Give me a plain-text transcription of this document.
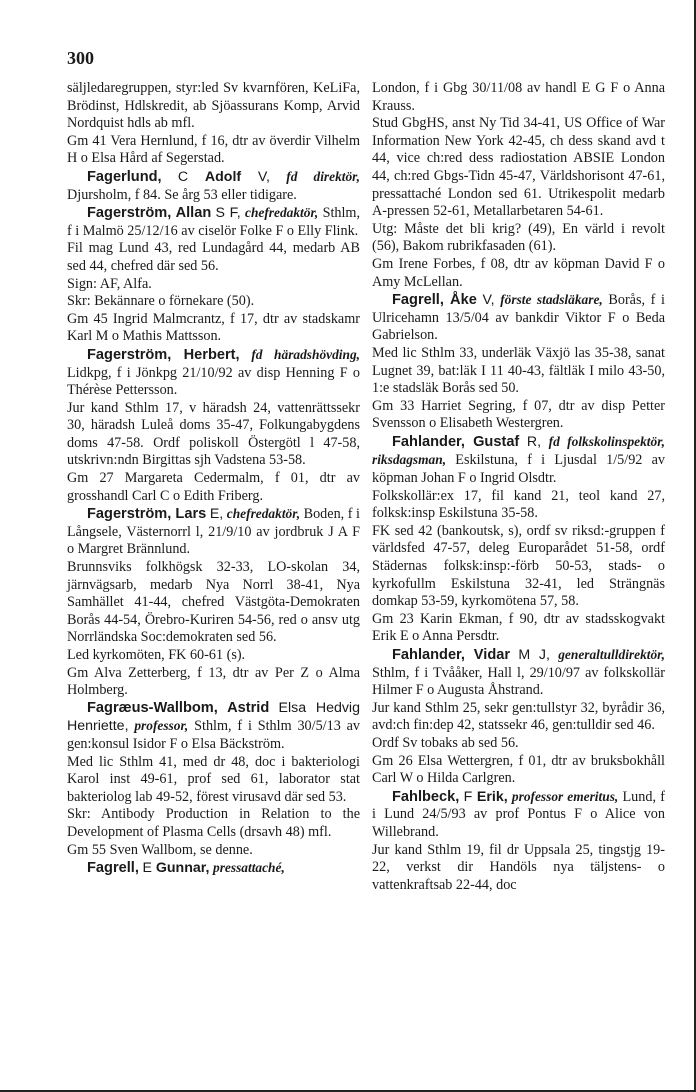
300

säljledaregruppen, styr:led Sv kvarnfören, KeLiFa, Brödinst, Hdlskredit, ab Sjöassurans Komp, Arvid Nordquist hdls ab mfl.

Gm 41 Vera Hernlund, f 16, dtr av överdir Vilhelm H o Elsa Hård af Segerstad.

Fagerlund, C Adolf V, fd direktör, Djursholm, f 84. Se årg 53 eller tidigare.

Fagerström, Allan S F, chefredaktör, Sthlm, f i Malmö 25/12/16 av ciselör Folke F o Elly Flink.

Fil mag Lund 43, red Lundagård 44, medarb AB sed 44, chefred där sed 56.

Sign: AF, Alfa.

Skr: Bekännare o förnekare (50).

Gm 45 Ingrid Malmcrantz, f 17, dtr av stadskamr Karl M o Mathis Mattsson.

Fagerström, Herbert, fd häradshövding, Lidkpg, f i Jönkpg 21/10/92 av disp Henning F o Thérèse Pettersson.

Jur kand Sthlm 17, v häradsh 24, vattenrättssekr 30, häradsh Luleå doms 35-47, Folkungabygdens doms 47-58. Ordf poliskoll Östergötl l 47-58, utskrivn:ndn Birgittas sjh Vadstena 53-58.

Gm 27 Margareta Cedermalm, f 01, dtr av grosshandl Carl C o Edith Friberg.

Fagerström, Lars E, chefredaktör, Boden, f i Långsele, Västernorrl l, 21/9/10 av jordbruk J A F o Margret Brännlund.

Brunnsviks folkhögsk 32-33, LO-skolan 34, järnvägsarb, medarb Nya Norrl 38-41, Nya Samhället 41-44, chefred Västgöta-Demokraten Borås 44-54, Örebro-Kuriren 54-56, red o ansv utg Norrländska Soc:demokraten sed 56.

Led kyrkomöten, FK 60-61 (s).

Gm Alva Zetterberg, f 13, dtr av Per Z o Alma Holmberg.

Fagræus-Wallbom, Astrid Elsa Hedvig Henriette, professor, Sthlm, f i Sthlm 30/5/13 av gen:konsul Isidor F o Elsa Bäckström.

Med lic Sthlm 41, med dr 48, doc i bakteriologi Karol inst 49-61, prof sed 61, laborator stat bakteriolog lab 49-52, förest virusavd där sed 53.

Skr: Antibody Production in Relation to the Development of Plasma Cells (drsavh 48) mfl.

Gm 55 Sven Wallbom, se denne.

Fagrell, E Gunnar, pressattaché,

London, f i Gbg 30/11/08 av handl E G F o Anna Krauss.

Stud GbgHS, anst Ny Tid 34-41, US Office of War Information New York 42-45, ch dess skand avd t 44, vice ch:red dess radiostation ABSIE London 44, ch:red Gbgs-Tidn 45-47, Världshorisont 47-61, pressattaché London sed 61. Utrikespolit medarb A-pressen 52-61, Metallarbetaren 54-61.

Utg: Måste det bli krig? (49), En värld i revolt (56), Bakom rubrikfasaden (61).

Gm Irene Forbes, f 08, dtr av köpman David F o Amy McLellan.

Fagrell, Åke V, förste stadsläkare, Borås, f i Ulricehamn 13/5/04 av bankdir Viktor F o Beda Gabrielson.

Med lic Sthlm 33, underläk Växjö las 35-38, sanat Lugnet 39, bat:läk I 11 40-43, fältläk I milo 43-50, 1:e stadsläk Borås sed 50.

Gm 33 Harriet Segring, f 07, dtr av disp Petter Svensson o Elisabeth Westergren.

Fahlander, Gustaf R, fd folkskolinspektör, riksdagsman, Eskilstuna, f i Ljusdal 1/5/92 av köpman Johan F o Ingrid Olsdtr.

Folkskollär:ex 17, fil kand 21, teol kand 27, folksk:insp Eskilstuna 35-58.

FK sed 42 (bankoutsk, s), ordf sv riksd:-gruppen f världsfed 47-57, deleg Europarådet 51-58, ordf Städernas folksk:insp:-förb 50-53, stads- o kyrkofullm Eskilstuna 32-41, led Strängnäs domkap 53-59, kyrkomötena 57, 58.

Gm 23 Karin Ekman, f 90, dtr av stadsskogvakt Erik E o Anna Persdtr.

Fahlander, Vidar M J, generaltulldirektör, Sthlm, f i Tvååker, Hall l, 29/10/97 av folkskollär Hilmer F o Augusta Åhstrand.

Jur kand Sthlm 25, sekr gen:tullstyr 32, byrådir 36, avd:ch fin:dep 42, statssekr 46, gen:tulldir sed 46.

Ordf Sv tobaks ab sed 56.

Gm 26 Elsa Wettergren, f 01, dtr av bruksbokhåll Carl W o Hilda Carlgren.

Fahlbeck, F Erik, professor emeritus, Lund, f i Lund 24/5/93 av prof Pontus F o Alice von Willebrand.

Jur kand Sthlm 19, fil dr Uppsala 25, tingstjg 19-22, verkst dir Handöls nya täljstens- o vattenkraftsab 22-44, doc
